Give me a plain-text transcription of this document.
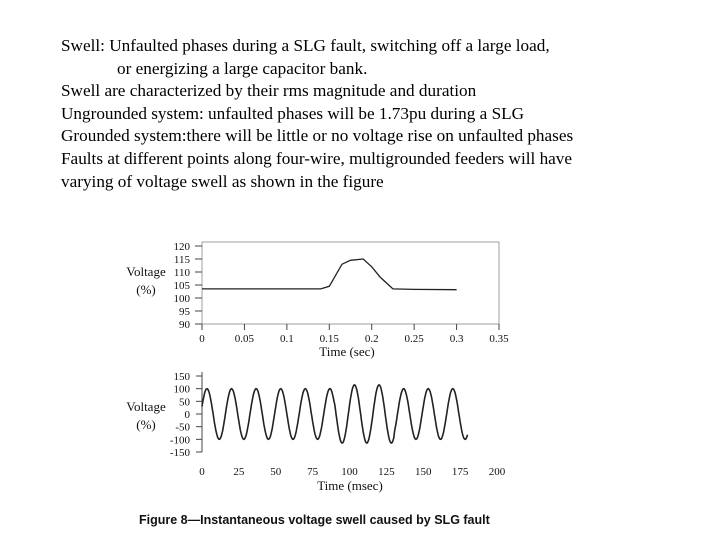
Swell: Unfaulted phases during a SLG fault, switching off a large load,
or energizing a large capacitor bank.
Swell are characterized by their rms magnitude and duration
Ungrounded system: unfaulted phases will be 1.73pu during a SLG
Grounded system:there will be little or no voltage rise on unfaulted phases
Faults at different points along four-wire, multigrounded feeders will have
varying of voltage swell as shown in the figure
Voltage
(%)
Time (sec)
120
115
110
105
100
95
90
0	0.05 0.1 0.15 0.2 0.25 0.3 0.35
Voltage
(%)
Time (msec)
150
100
50
0
-50
-100
-150
0	25 50 75 100 125 150 175 200
Figure 8—Instantaneous voltage swell caused by SLG fault
